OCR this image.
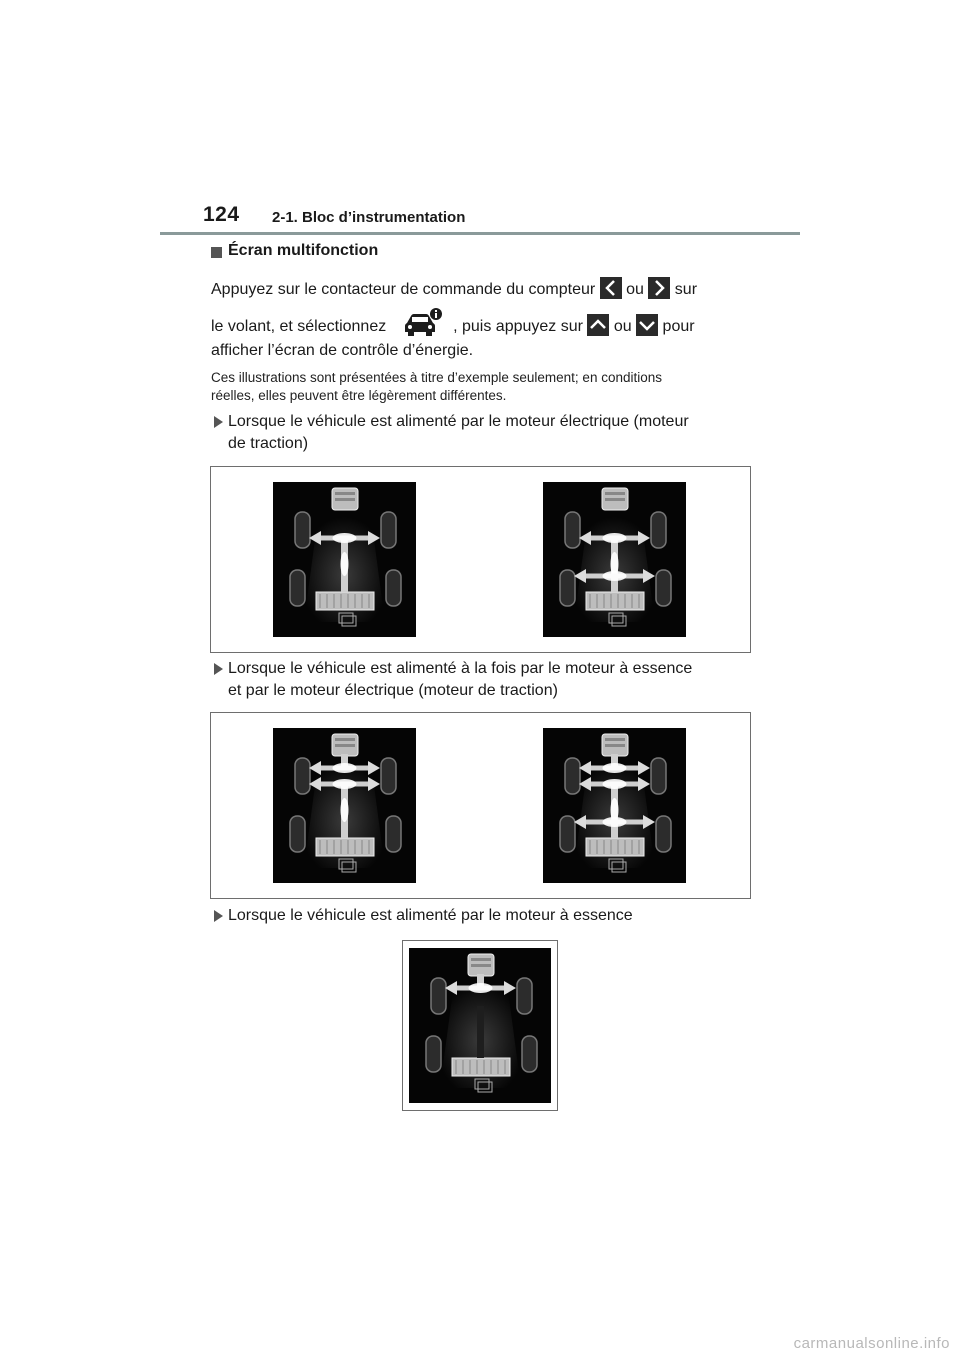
124 2-1. Bloc d’instrumentation
Écran multifonction
Appuyez sur le contacteur de commande du compteur
ou
sur
le volant, et sélectionnez	, puis appuyez sur
ou
pour
afficher l’écran de contrôle d’énergie.
Ces illustrations sont présentées à titre d’exemple seulement; en conditions
réelles, elles peuvent être légèrement différentes.
Lorsque le véhicule est alimenté par le moteur électrique (moteur
de traction)
Lorsque le véhicule est alimenté à la fois par le moteur à essence
et par le moteur électrique (moteur de traction)
Lorsque le véhicule est alimenté par le moteur à essence
carmanualsonline.info
